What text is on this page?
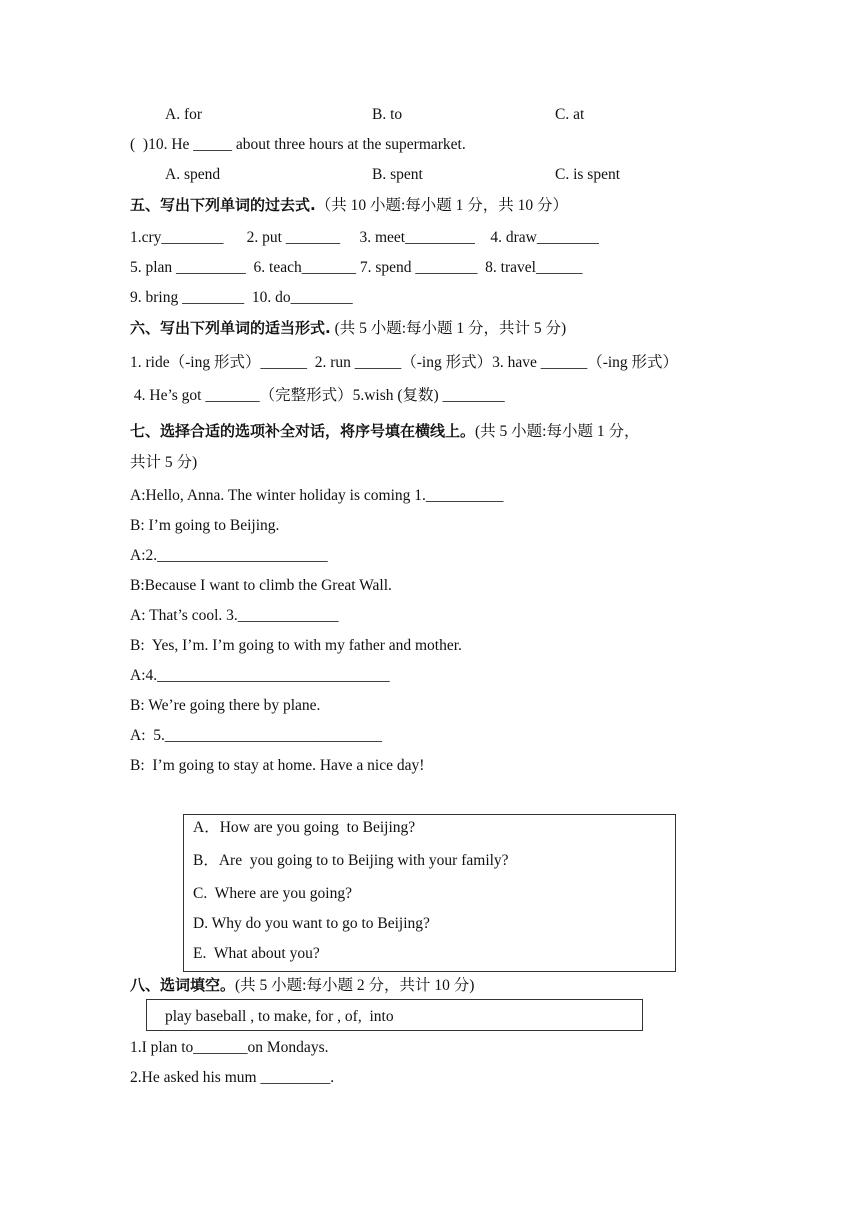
A. for	B. to	C. at
(  )10. He _____ about three hours at the supermarket.
A. spend	B. spent	C. is spent
五、写出下列单词的过去式.（共 10 小题:每小题 1 分，共 10 分）
1.cry________      2. put _______     3. meet_________    4. draw________
5. plan _________  6. teach_______ 7. spend ________  8. travel______
9. bring ________  10. do________
六、写出下列单词的适当形式. (共 5 小题:每小题 1 分，共计 5 分)
1. ride（-ing 形式）______  2. run ______（-ing 形式）3. have ______（-ing 形式）
4. He’s got _______（完整形式）5.wish (复数) ________
七、选择合适的选项补全对话，将序号填在横线上。(共 5 小题:每小题 1 分，
共计 5 分)
A:Hello, Anna. The winter holiday is coming 1.__________
B: I’m going to Beijing.
A:2.______________________
B:Because I want to climb the Great Wall.
A: That’s cool. 3._____________
B:  Yes, I’m. I’m going to with my father and mother.
A:4.______________________________
B: We’re going there by plane.
A:  5.____________________________
B:  I’m going to stay at home. Have a nice day!
A．How are you going  to Beijing?
B．Are  you going to to Beijing with your family?
C.  Where are you going?
D. Why do you want to go to Beijing?
E.  What about you?
八、选词填空。(共 5 小题:每小题 2 分，共计 10 分)
play baseball , to make, for , of,  into
1.I plan to_______on Mondays.
2.He asked his mum _________.
